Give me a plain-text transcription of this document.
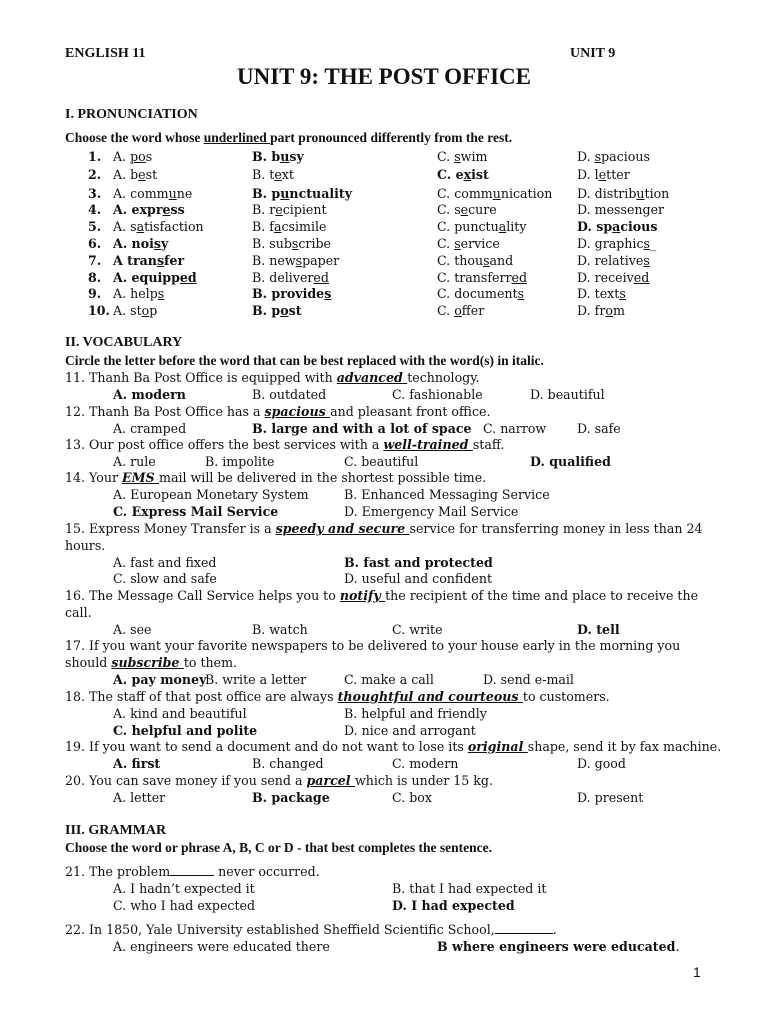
ENGLISH 11	UNIT 9
UNIT 9: THE POST OFFICE
I. PRONUNCIATION
Choose the word whose underlined part pronounced differently from the rest.
1. A. pos	B. busy	C. swim	D. spacious
2. A. best	B. text	C. exist	D. letter
3. A. commune	B. punctuality	C. communication D. distribution
4. A. express	B. recipient	C. secure	D. messenger
5. A. satisfaction	B. facsimile	C. punctuality	D. spacious
6. A. noisy	B. subscribe	C. service	D. graphics_
7. A transfer	B. newspaper	C. thousand	D. relatives
8. A. equipped	B. delivered	C. transferred	D. received
9. A. helps	B. provides	C. documents	D. texts
10. A. stop	B. post	C. offer	D. from
II. VOCABULARY
Circle the letter before the word that can be best replaced with the word(s) in italic.
11. Thanh Ba Post Office is equipped with advanced technology.
A. modern	B. outdated	C. fashionable	D. beautiful
12. Thanh Ba Post Office has a spacious and pleasant front office.
A. cramped	B. large and with a lot of space C. narrow D. safe
13. Our post office offers the best services with a well-trained staff.
A. rule	B. impolite	C. beautiful	D. qualified
14. Your EMS mail will be delivered in the shortest possible time.
A. European Monetary System	B. Enhanced Messaging Service
C. Express Mail Service	D. Emergency Mail Service
15. Express Money Transfer is a speedy and secure service for transferring money in less than 24
hours.
A. fast and fixed	B. fast and protected
C. slow and safe	D. useful and confident
16. The Message Call Service helps you to notify the recipient of the time and place to receive the
call.
A. see	B. watch	C. write	D. tell
17. If you want your favorite newspapers to be delivered to your house early in the morning you
should subscribe to them.
A. pay money
B. write a letter	C. make a call	D. send e-mail
18. The staff of that post office are always thoughtful and courteous to customers.
A. kind and beautiful	B. helpful and friendly
C. helpful and polite	D. nice and arrogant
19. If you want to send a document and do not want to lose its original shape, send it by fax machine.
A. first	B. changed	C. modern	D. good
20. You can save money if you send a parcel which is under 15 kg.
A. letter	B. package	C. box	D. present
III. GRAMMAR
Choose the word or phrase A, B, C or D - that best completes the sentence.
21. The problem	never occurred.
A. I hadn’t expected it	B. that I had expected it
C. who I had expected	D. I had expected
22. In 1850, Yale University established Sheffield Scientific School,	.
A. engineers were educated there	B where engineers were educated.
1
